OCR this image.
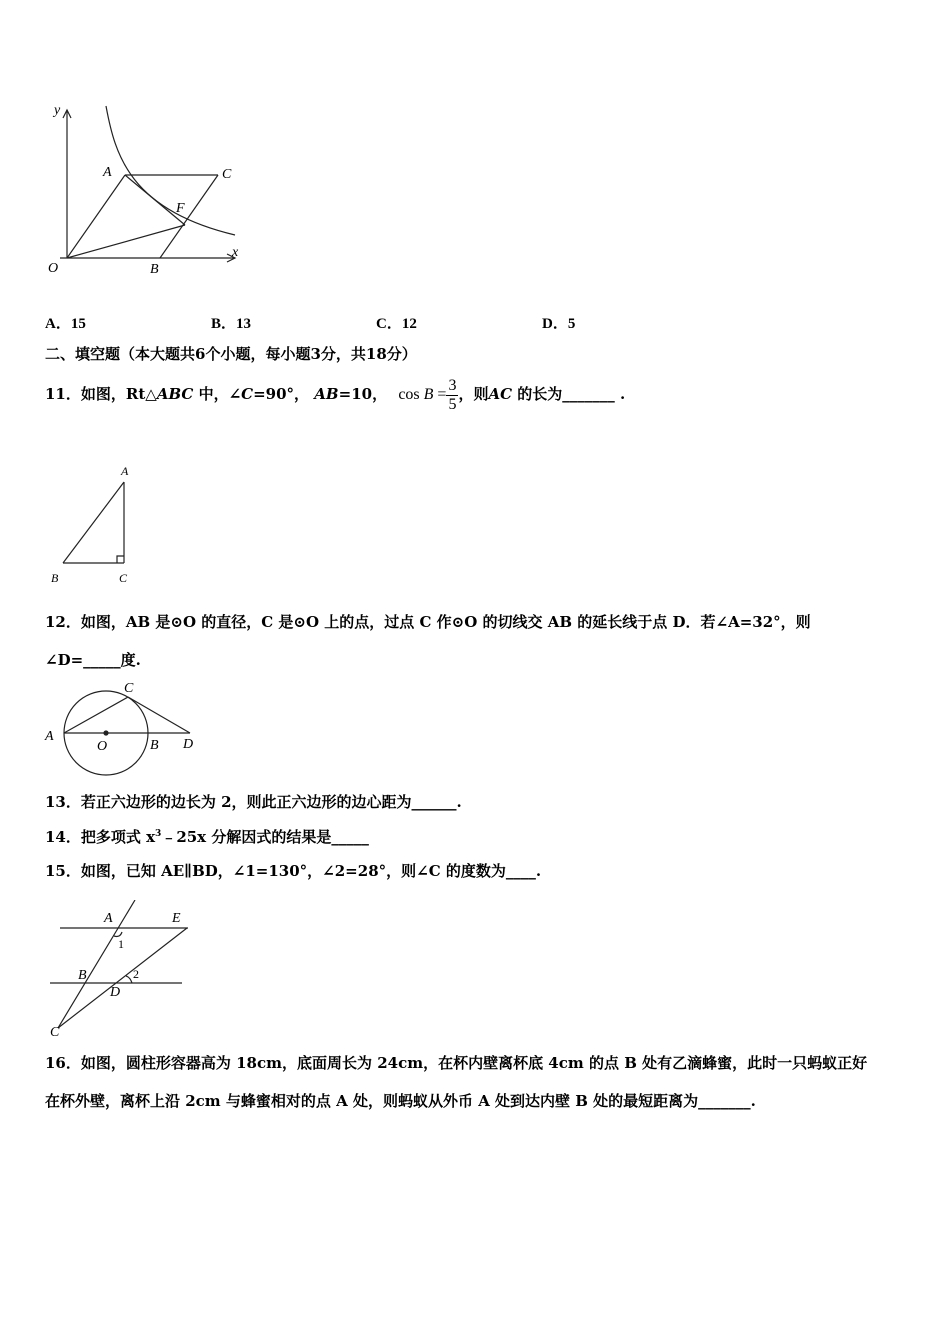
y
x
O
A	C
F
B
A．15	B．13	C．12	D．5
二、填空题（本大题共6个小题，每小题3分，共18分）
11．如图，Rt△ABC 中，∠C=90°， AB=10， $\cos B = \frac{3}{5}$ ，则AC 的长为_______ .
A
B	C
12．如图，AB 是⊙O 的直径，C 是⊙O 上的点，过点 C 作⊙O 的切线交 AB 的延长线于点 D．若∠A=32°，则
∠D=_____度.
A
O	B D
C
13．若正六边形的边长为 2，则此正六边形的边心距为______.
14．把多项式 $x^3﹣25x$ 分解因式的结果是_____
15．如图，已知 AE∥BD，∠1=130°，∠2=28°，则∠C 的度数为____.
A	E
1
B	2
D
C
16．如图，圆柱形容器高为 18cm，底面周长为 24cm，在杯内壁离杯底 4cm 的点 B 处有乙滴蜂蜜，此时一只蚂蚁正好
在杯外壁，离杯上沿 2cm 与蜂蜜相对的点 A 处，则蚂蚁从外币 A 处到达内壁 B 处的最短距离为_______.
